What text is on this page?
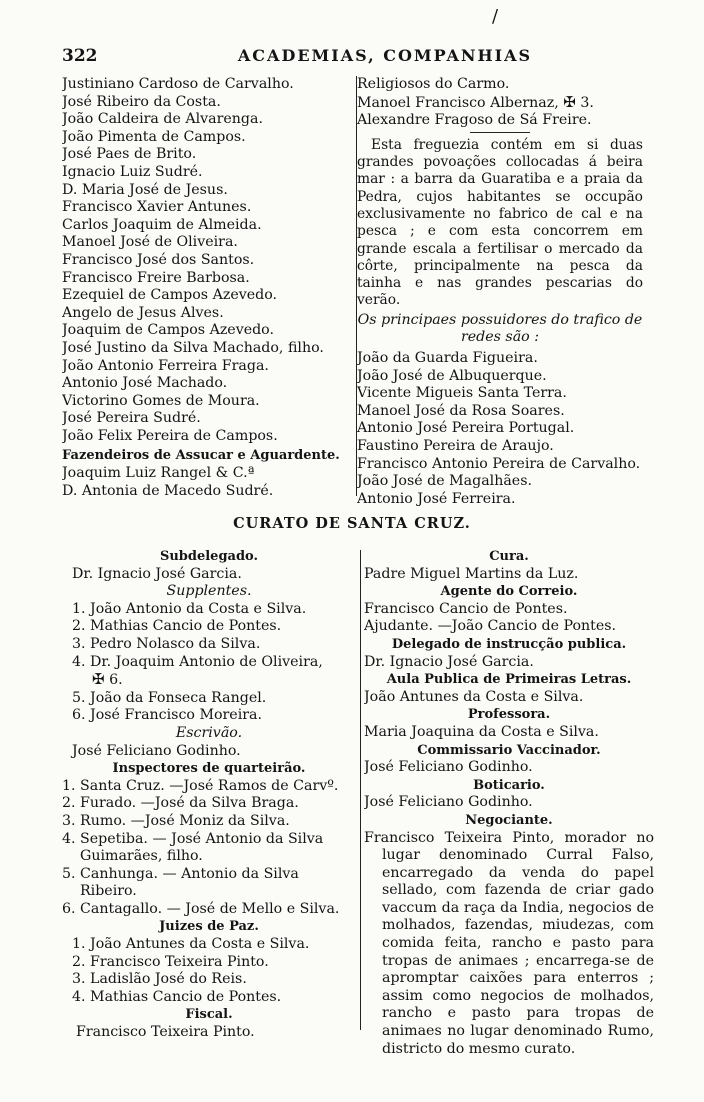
/
322	ACADEMIAS, COMPANHIAS
Justiniano Cardoso de Carvalho.
José Ribeiro da Costa.
João Caldeira de Alvarenga.
João Pimenta de Campos.
José Paes de Brito.
Ignacio Luiz Sudré.
D. Maria José de Jesus.
Francisco Xavier Antunes.
Carlos Joaquim de Almeida.
Manoel José de Oliveira.
Francisco José dos Santos.
Francisco Freire Barbosa.
Ezequiel de Campos Azevedo.
Angelo de Jesus Alves.
Joaquim de Campos Azevedo.
José Justino da Silva Machado, filho.
João Antonio Ferreira Fraga.
Antonio José Machado.
Victorino Gomes de Moura.
José Pereira Sudré.
João Felix Pereira de Campos.
Fazendeiros de Assucar e Aguardente.
Joaquim Luiz Rangel & C.ª
D. Antonia de Macedo Sudré.
Religiosos do Carmo.
Manoel Francisco Albernaz, ✠ 3.
Alexandre Fragoso de Sá Freire.
Esta freguezia contém em si duas grandes povoações collocadas á beira mar : a barra da Guaratiba e a praia da Pedra, cujos habitantes se occupão exclusivamente no fabrico de cal e na pesca ; e com esta concorrem em grande escala a fertilisar o mercado da côrte, principalmente na pesca da tainha e nas grandes pescarias do verão.
Os principaes possuidores do trafico de redes são :
João da Guarda Figueira.
João José de Albuquerque.
Vicente Migueis Santa Terra.
Manoel José da Rosa Soares.
Antonio José Pereira Portugal.
Faustino Pereira de Araujo.
Francisco Antonio Pereira de Carvalho.
João José de Magalhães.
Antonio José Ferreira.
CURATO DE SANTA CRUZ.
Subdelegado.
Dr. Ignacio José Garcia.
Supplentes.
1. João Antonio da Costa e Silva.
2. Mathias Cancio de Pontes.
3. Pedro Nolasco da Silva.
4. Dr. Joaquim Antonio de Oliveira,
✠ 6.
5. João da Fonseca Rangel.
6. José Francisco Moreira.
Escrivão.
José Feliciano Godinho.
Inspectores de quarteirão.
1. Santa Cruz. —José Ramos de Carvº.
2. Furado. —José da Silva Braga.
3. Rumo. —José Moniz da Silva.
4. Sepetiba. — José Antonio da Silva Guimarães, filho.
5. Canhunga. — Antonio da Silva Ribeiro.
6. Cantagallo. — José de Mello e Silva.
Juizes de Paz.
1. João Antunes da Costa e Silva.
2. Francisco Teixeira Pinto.
3. Ladislão José do Reis.
4. Mathias Cancio de Pontes.
Fiscal.
Francisco Teixeira Pinto.
Cura.
Padre Miguel Martins da Luz.
Agente do Correio.
Francisco Cancio de Pontes.
Ajudante. —João Cancio de Pontes.
Delegado de instrucção publica.
Dr. Ignacio José Garcia.
Aula Publica de Primeiras Letras.
João Antunes da Costa e Silva.
Professora.
Maria Joaquina da Costa e Silva.
Commissario Vaccinador.
José Feliciano Godinho.
Boticario.
José Feliciano Godinho.
Negociante.
Francisco Teixeira Pinto, morador no lugar denominado Curral Falso, encarregado da venda do papel sellado, com fazenda de criar gado vaccum da raça da India, negocios de molhados, fazendas, miudezas, com comida feita, rancho e pasto para tropas de animaes ; encarrega-se de apromptar caixões para enterros ; assim como negocios de molhados, rancho e pasto para tropas de animaes no lugar denominado Rumo, districto do mesmo curato.
